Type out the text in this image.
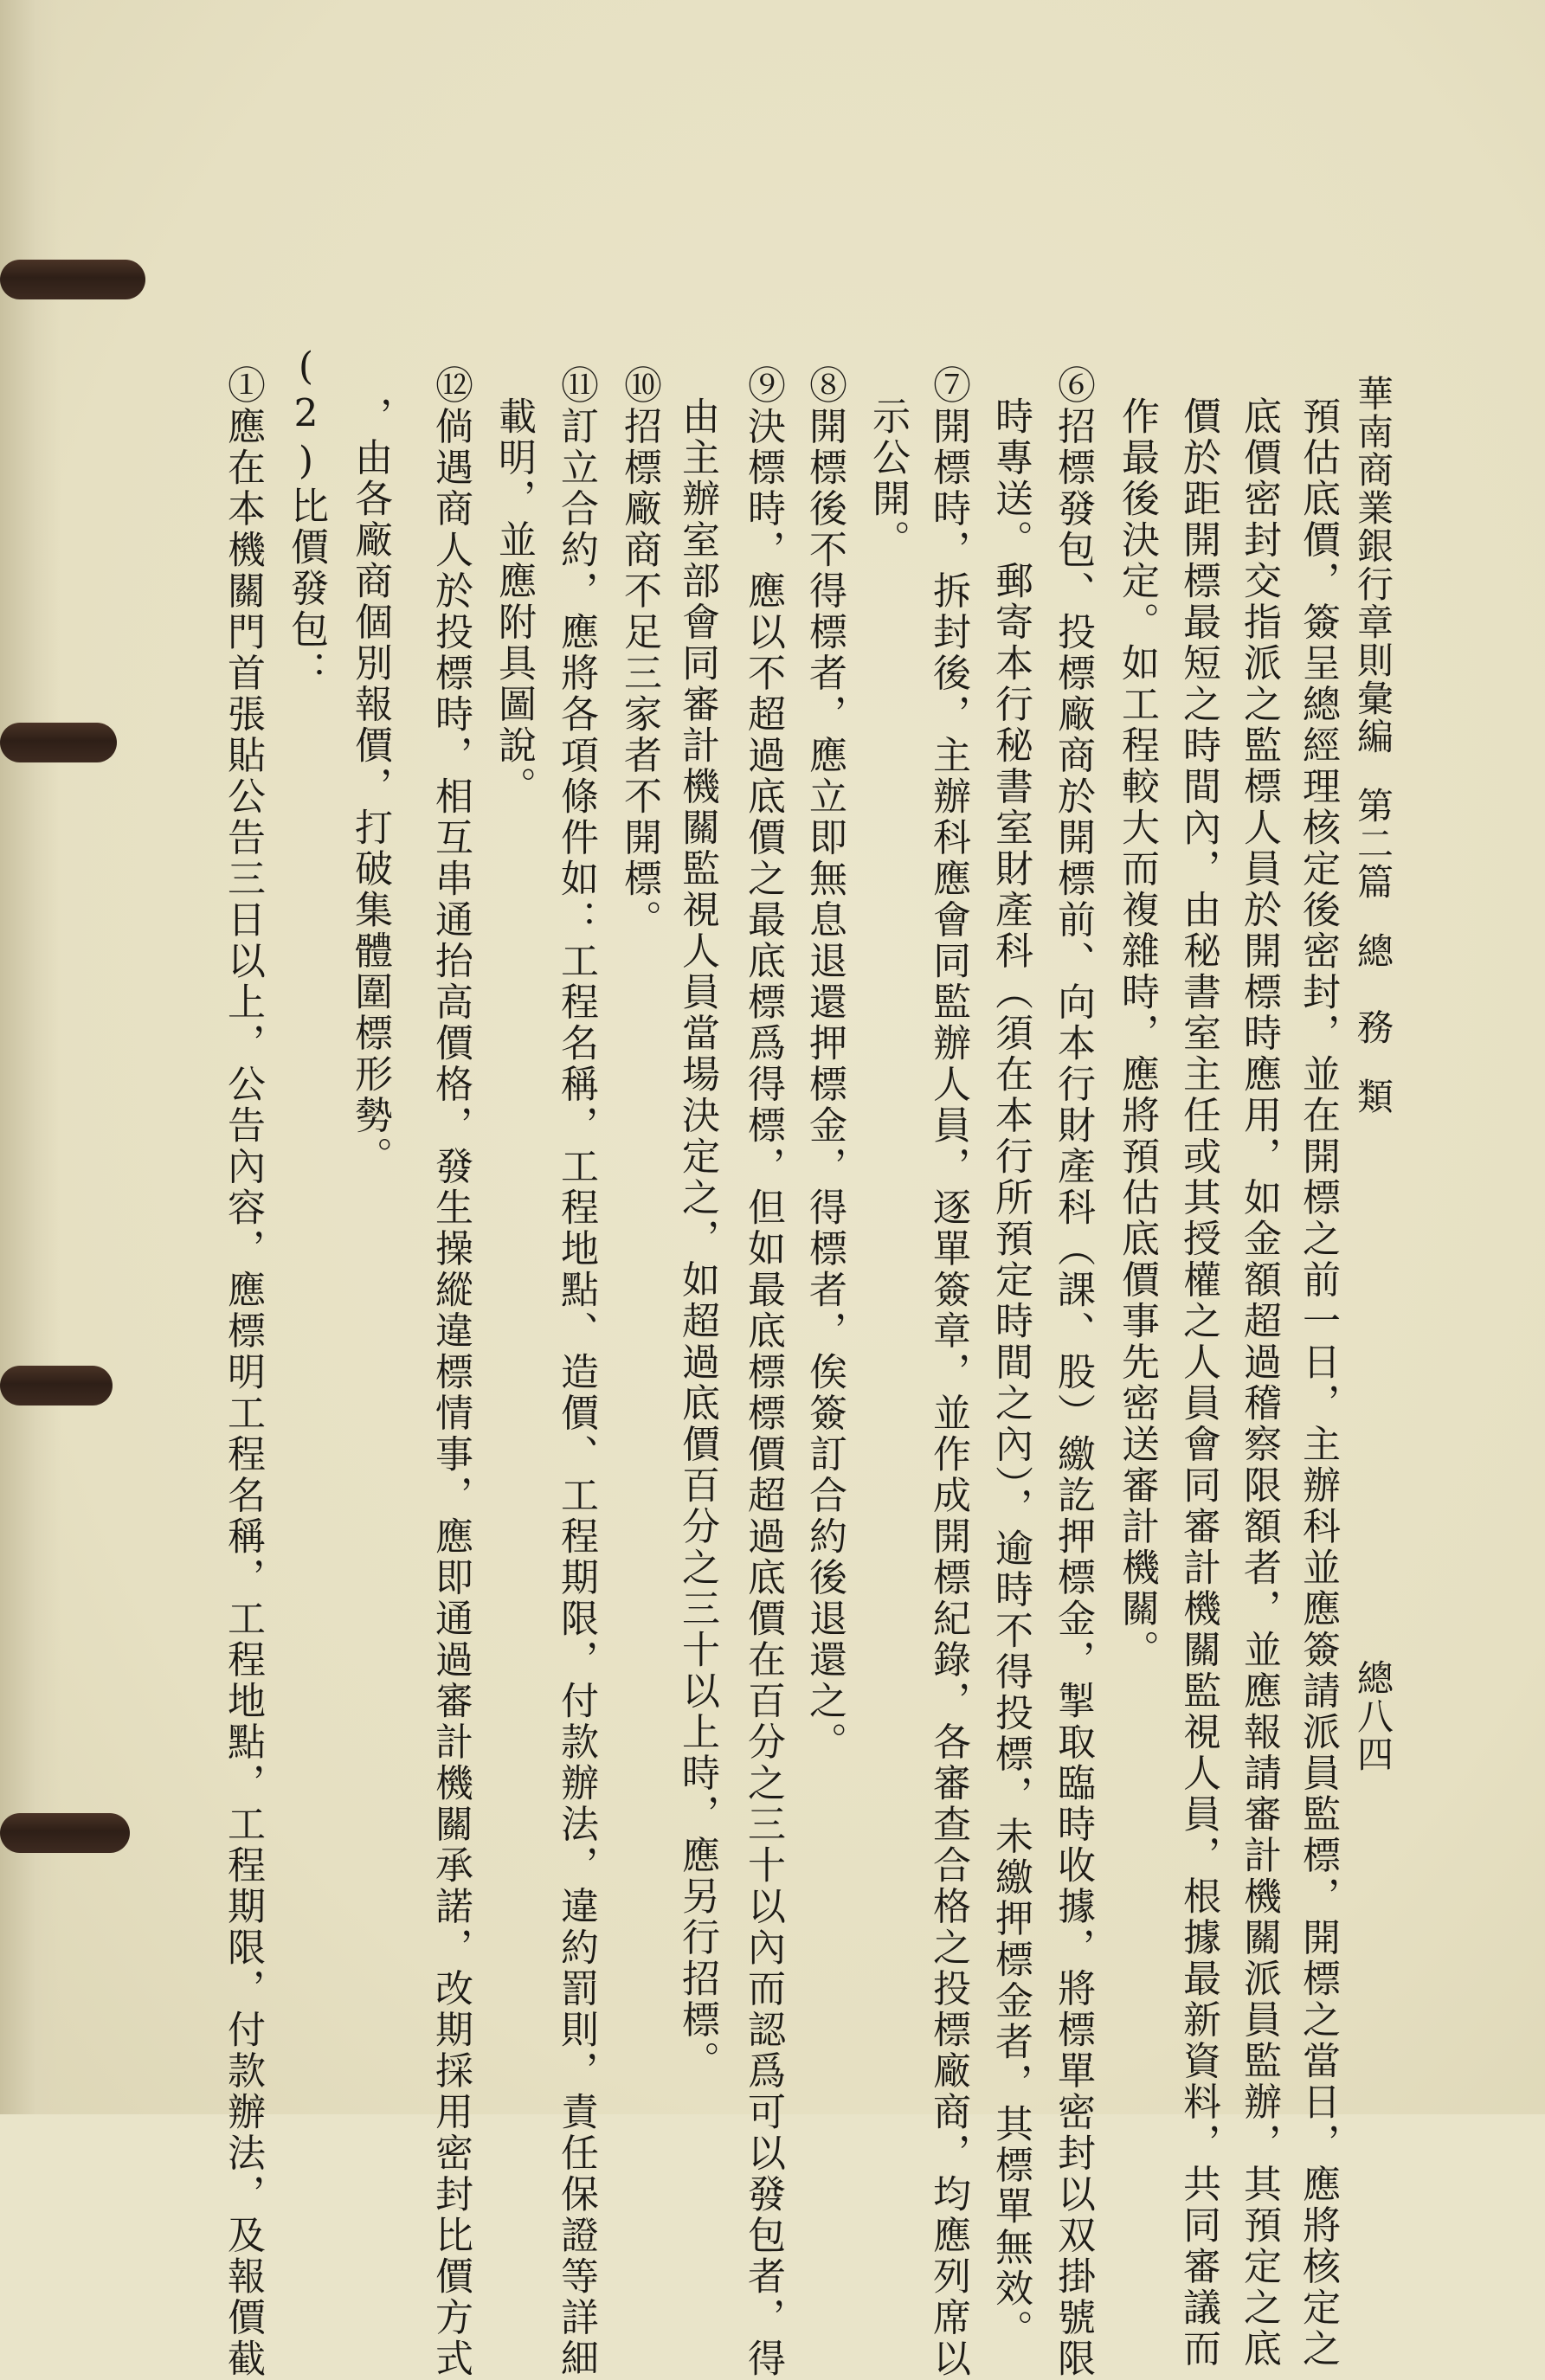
華南商業銀行章則彙編第二篇總　務類
總八四
預估底價，簽呈總經理核定後密封，並在開標之前一日，主辦科並應簽請派員監標，開標之當日，應將核定之
底價密封交指派之監標人員於開標時應用，如金額超過稽察限額者，並應報請審計機關派員監辦，其預定之底
價於距開標最短之時間內，由秘書室主任或其授權之人員會同審計機關監視人員，根據最新資料，共同審議而
作最後決定。如工程較大而複雜時，應將預估底價事先密送審計機關。
⑥招標發包、投標廠商於開標前、向本行財產科（課、股）繳訖押標金，掣取臨時收據，將標單密封以双掛號限
時專送。郵寄本行秘書室財產科（須在本行所預定時間之內），逾時不得投標，未繳押標金者，其標單無效。
⑦開標時，拆封後，主辦科應會同監辦人員，逐單簽章，並作成開標紀錄，各審查合格之投標廠商，均應列席以
示公開。
⑧開標後不得標者，應立即無息退還押標金，得標者，俟簽訂合約後退還之。
⑨決標時，應以不超過底價之最底標爲得標，但如最底標標價超過底價在百分之三十以內而認爲可以發包者，得
由主辦室部會同審計機關監視人員當場決定之，如超過底價百分之三十以上時，應另行招標。
⑩招標廠商不足三家者不開標。
⑪訂立合約，應將各項條件如：工程名稱，工程地點、造價、工程期限，付款辦法，違約罰則，責任保證等詳細
載明，並應附具圖說。
⑫倘遇商人於投標時，相互串通抬高價格，發生操縱違標情事，應即通過審計機關承諾，改期採用密封比價方式
，由各廠商個別報價，打破集體圍標形勢。
(2)比價發包：
①應在本機關門首張貼公告三日以上，公告內容，應標明工程名稱，工程地點，工程期限，付款辦法，及報價截
